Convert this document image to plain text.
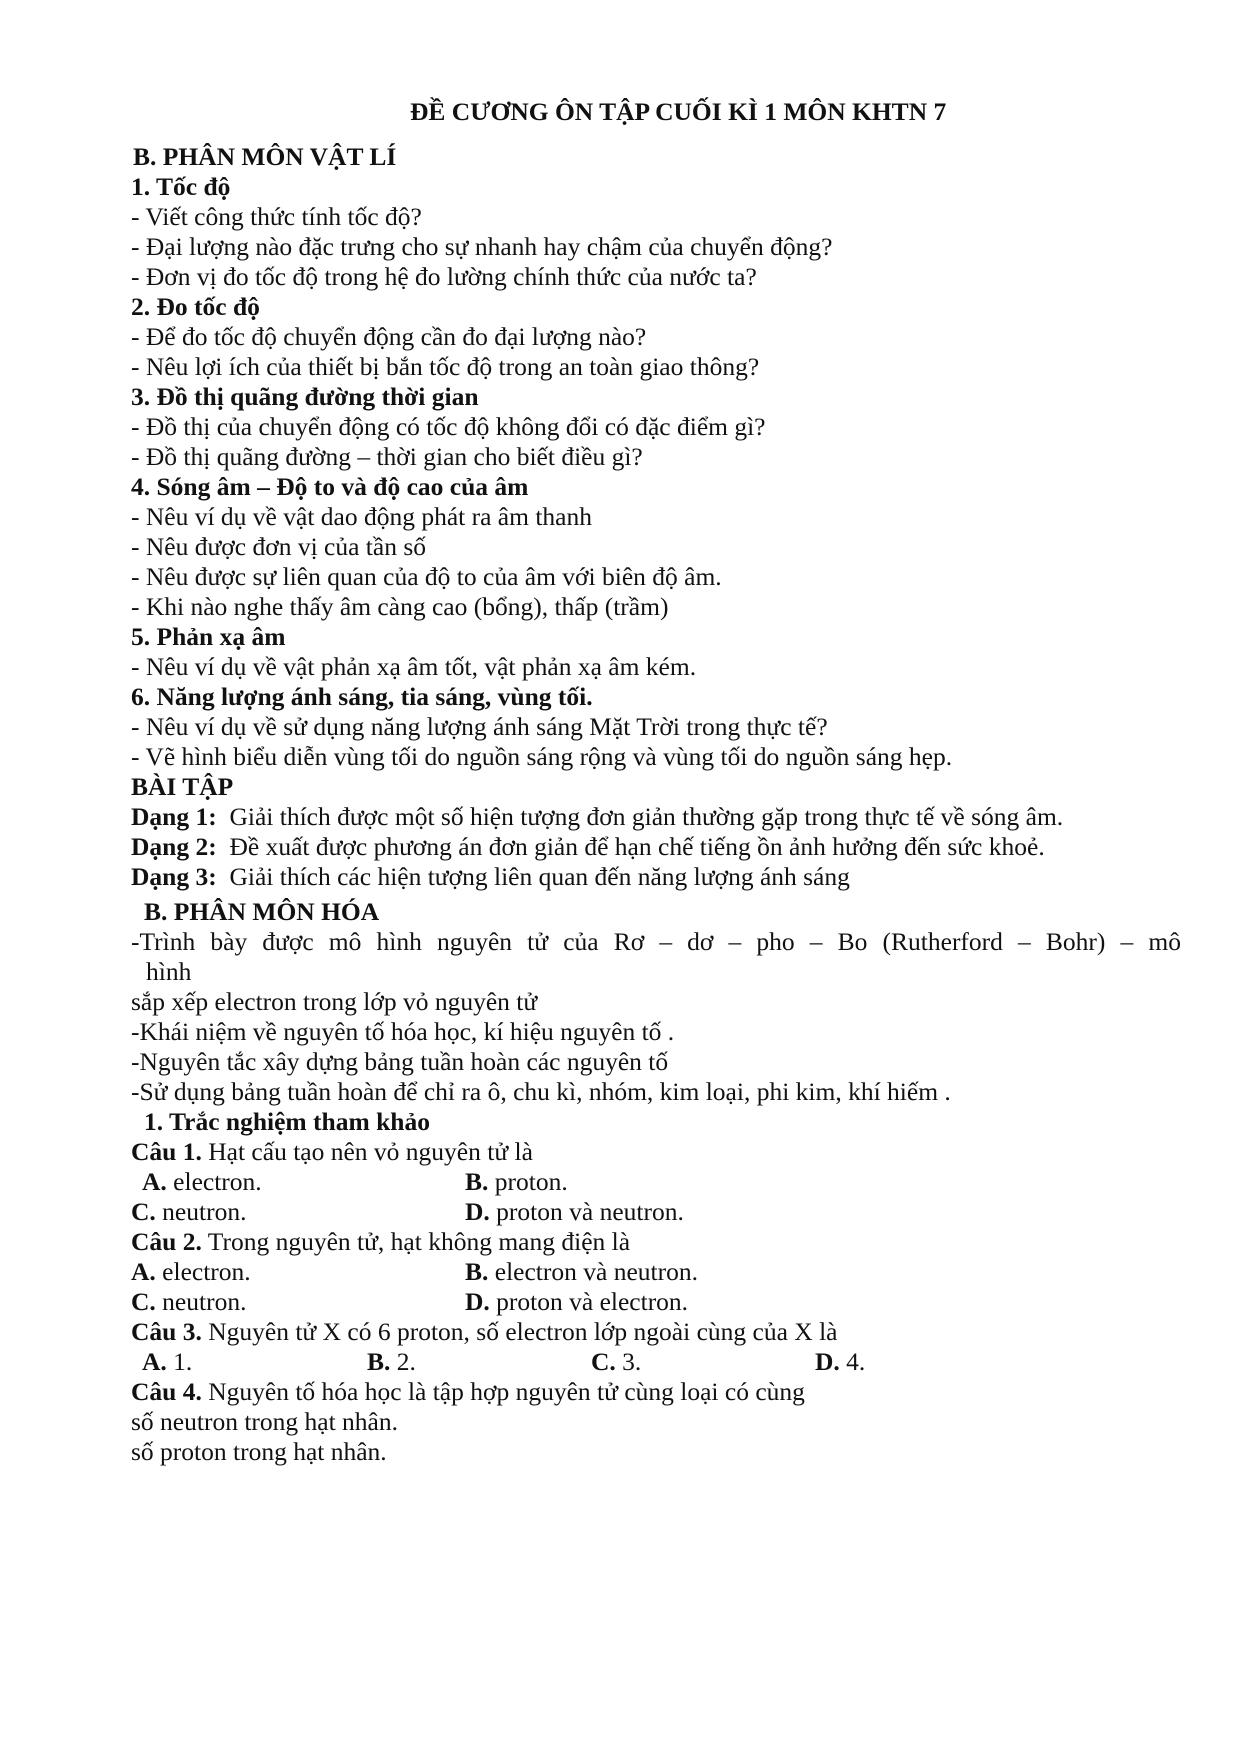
ĐỀ CƯƠNG ÔN TẬP CUỐI KÌ 1 MÔN KHTN 7
B. PHÂN MÔN VẬT LÍ
1. Tốc độ
- Viết công thức tính tốc độ?
- Đại lượng nào đặc trưng cho sự nhanh hay chậm của chuyển động?
- Đơn vị đo tốc độ trong hệ đo lường chính thức của nước ta?
2. Đo tốc độ
- Để đo tốc độ chuyển động cần đo đại lượng nào?
- Nêu lợi ích của thiết bị bắn tốc độ trong an toàn giao thông?
3. Đồ thị quãng đường thời gian
- Đồ thị của chuyển động có tốc độ không đổi có đặc điểm gì?
- Đồ thị quãng đường – thời gian cho biết điều gì?
4. Sóng âm – Độ to và độ cao của âm
- Nêu ví dụ về vật dao động phát ra âm thanh
- Nêu được đơn vị của tần số
- Nêu được sự liên quan của độ to của âm với biên độ âm.
- Khi nào nghe thấy âm càng cao (bổng), thấp (trầm)
5. Phản xạ âm
- Nêu ví dụ về vật phản xạ âm tốt, vật phản xạ âm kém.
6. Năng lượng ánh sáng, tia sáng, vùng tối.
- Nêu ví dụ về sử dụng năng lượng ánh sáng Mặt Trời trong thực tế?
- Vẽ hình biểu diễn vùng tối do nguồn sáng rộng và vùng tối do nguồn sáng hẹp.
BÀI TẬP
Dạng 1: Giải thích được một số hiện tượng đơn giản thường gặp trong thực tế về sóng âm.
Dạng 2: Đề xuất được phương án đơn giản để hạn chế tiếng ồn ảnh hưởng đến sức khoẻ.
Dạng 3: Giải thích các hiện tượng liên quan đến năng lượng ánh sáng
B. PHÂN MÔN HÓA
-Trình bày được mô hình nguyên tử của Rơ – dơ – pho – Bo (Rutherford – Bohr) – mô
hình
sắp xếp electron trong lớp vỏ nguyên tử
-Khái niệm về nguyên tố hóa học, kí hiệu nguyên tố .
-Nguyên tắc xây dựng bảng tuần hoàn các nguyên tố
-Sử dụng bảng tuần hoàn để chỉ ra ô, chu kì, nhóm, kim loại, phi kim, khí hiếm .
1. Trắc nghiệm tham khảo
Câu 1. Hạt cấu tạo nên vỏ nguyên tử là
A. electron.	B. proton.
C. neutron.	D. proton và neutron.
Câu 2. Trong nguyên tử, hạt không mang điện là
A. electron.	B. electron và neutron.
C. neutron.	D. proton và electron.
Câu 3. Nguyên tử X có 6 proton, số electron lớp ngoài cùng của X là
A. 1.	B. 2.	C. 3.	D. 4.
Câu 4. Nguyên tố hóa học là tập hợp nguyên tử cùng loại có cùng
số neutron trong hạt nhân.
số proton trong hạt nhân.
